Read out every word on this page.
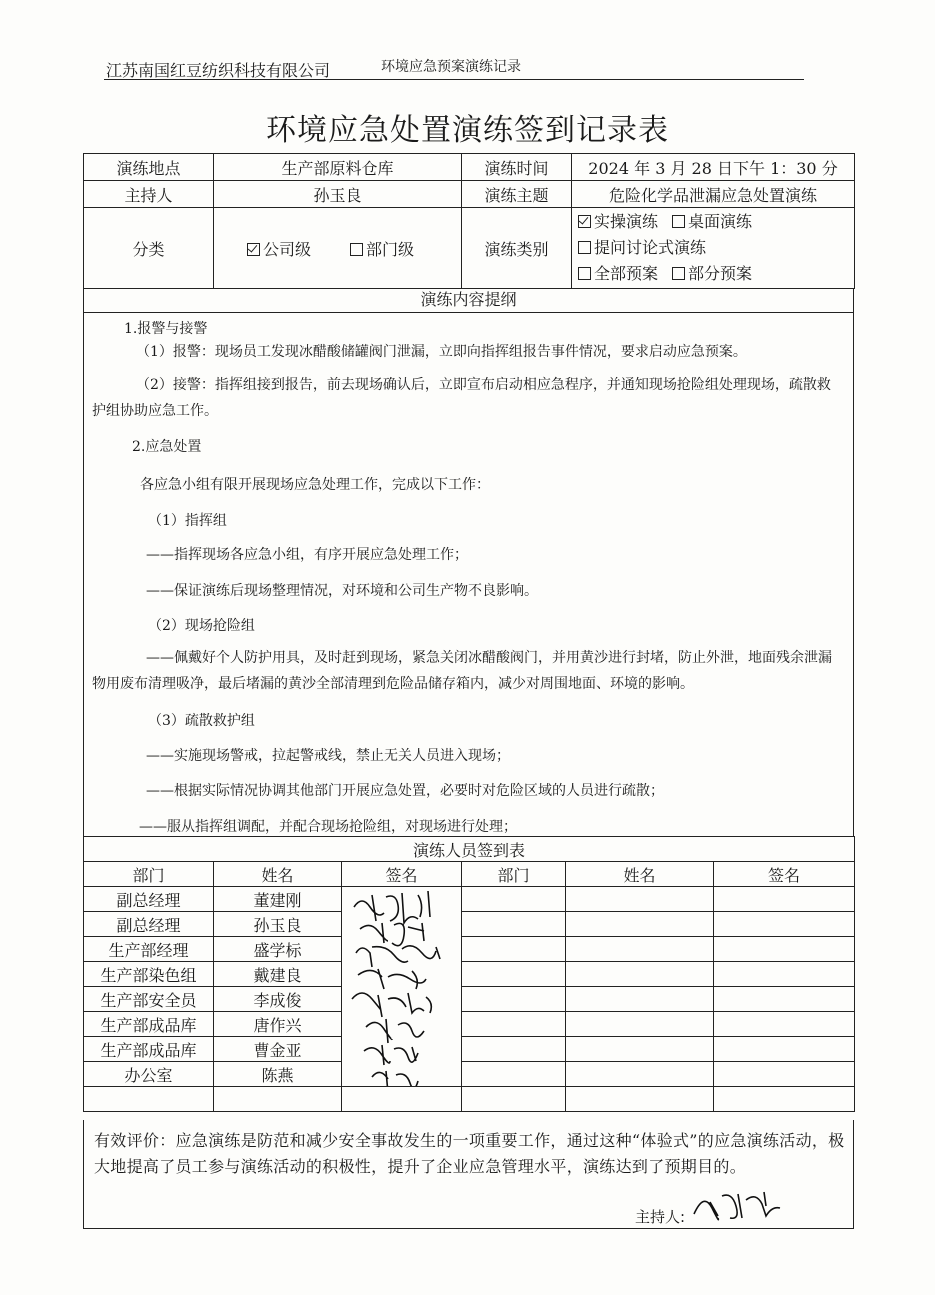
江苏南国红豆纺织科技有限公司	环境应急预案演练记录
环境应急处置演练签到记录表
演练地点	生产部原料仓库	演练时间	2024 年 3 月 28 日下午 1：30 分
主持人	孙玉良	演练主题	危险化学品泄漏应急处置演练
分类	公司级 部门级	演练类别	实操演练 桌面演练
提问讨论式演练
全部预案 部分预案
演练内容提纲
1.报警与接警
（1）报警：现场员工发现冰醋酸储罐阀门泄漏，立即向指挥组报告事件情况，要求启动应急预案。
（2）接警：指挥组接到报告，前去现场确认后，立即宣布启动相应急程序，并通知现场抢险组处理现场，疏散救护组协助应急工作。
2.应急处置
各应急小组有限开展现场应急处理工作，完成以下工作：
（1）指挥组
——指挥现场各应急小组，有序开展应急处理工作；
——保证演练后现场整理情况，对环境和公司生产物不良影响。
（2）现场抢险组
——佩戴好个人防护用具，及时赶到现场，紧急关闭冰醋酸阀门，并用黄沙进行封堵，防止外泄，地面残余泄漏物用废布清理吸净，最后堵漏的黄沙全部清理到危险品储存箱内，减少对周围地面、环境的影响。
（3）疏散救护组
——实施现场警戒，拉起警戒线，禁止无关人员进入现场；
——根据实际情况协调其他部门开展应急处置，必要时对危险区域的人员进行疏散；
——服从指挥组调配，并配合现场抢险组，对现场进行处理；
演练人员签到表					
部门	姓名	签名	部门	姓名	签名
副总经理	董建刚	

副总经理	孙玉良				
生产部经理	盛学标				
生产部染色组	戴建良				
生产部安全员	李成俊				
生产部成品库	唐作兴				
生产部成品库	曹金亚				
办公室	陈燕				

有效评价：应急演练是防范和减少安全事故发生的一项重要工作，通过这种“体验式”的应急演练活动，极大地提高了员工参与演练活动的积极性，提升了企业应急管理水平，演练达到了预期目的。
主持人:
